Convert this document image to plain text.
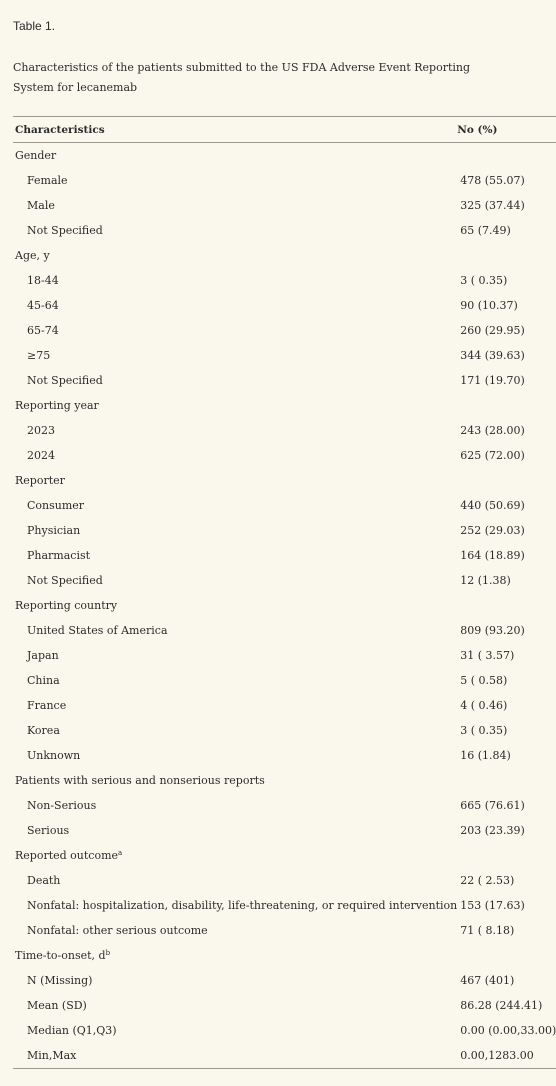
Table 1.
Characteristics of the patients submitted to the US FDA Adverse Event Reporting System for lecanemab
Characteristics	No (%)
Gender	
Female	478 (55.07)
Male	325 (37.44)
Not Specified	65 (7.49)
Age, y	
18-44	3 ( 0.35)
45-64	90 (10.37)
65-74	260 (29.95)
≥75	344 (39.63)
Not Specified	171 (19.70)
Reporting year	
2023	243 (28.00)
2024	625 (72.00)
Reporter	
Consumer	440 (50.69)
Physician	252 (29.03)
Pharmacist	164 (18.89)
Not Specified	12 (1.38)
Reporting country	
United States of America	809 (93.20)
Japan	31 ( 3.57)
China	5 ( 0.58)
France	4 ( 0.46)
Korea	3 ( 0.35)
Unknown	16 (1.84)
Patients with serious and nonserious reports	
Non-Serious	665 (76.61)
Serious	203 (23.39)
Reported outcome$^a$	
Death	22 ( 2.53)
Nonfatal: hospitalization, disability, life-threatening, or required intervention	153 (17.63)
Nonfatal: other serious outcome	71 ( 8.18)
Time-to-onset, $d^b$	
N (Missing)	467 (401)
Mean (SD)	86.28 (244.41)
Median (Q1,Q3)	0.00 (0.00,33.00)
Min,Max	0.00,1283.00
